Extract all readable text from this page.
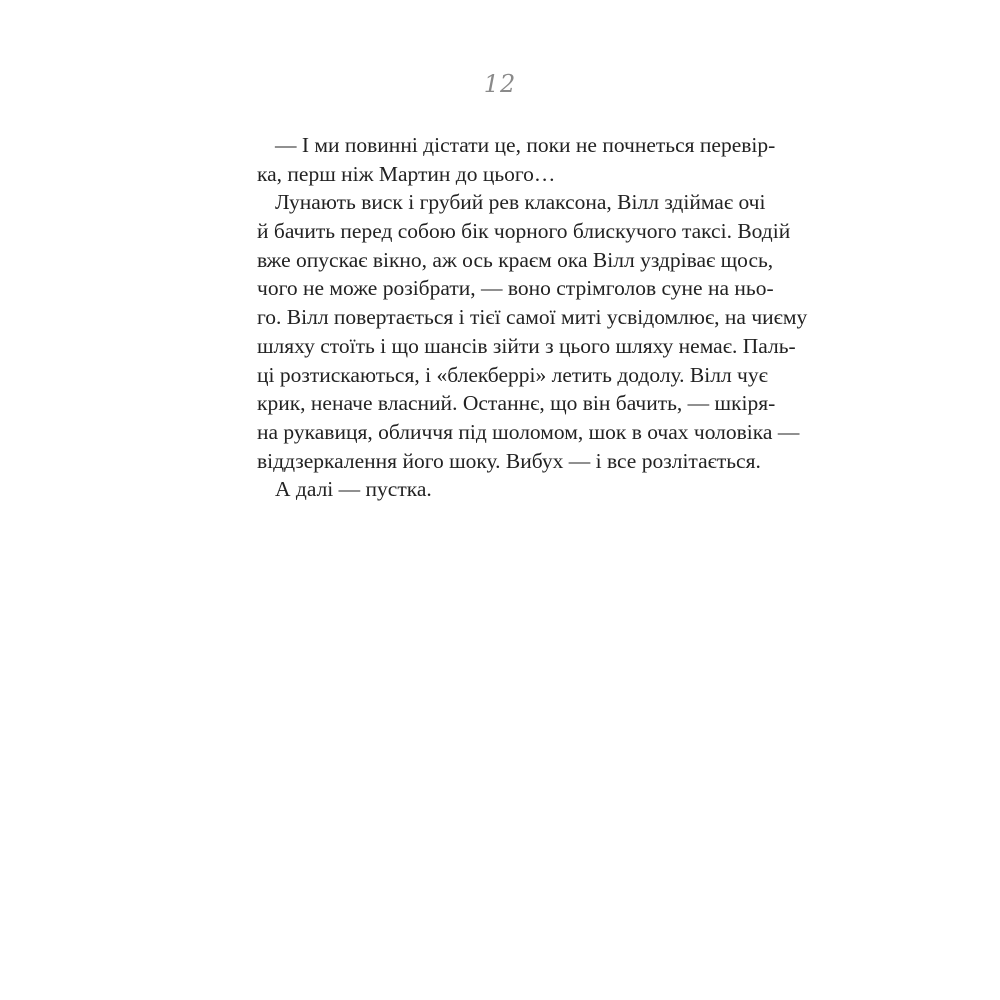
12
— І ми повинні дістати це, поки не почнеться перевір-
ка, перш ніж Мартин до цього…
Лунають виск і грубий рев клаксона, Вілл здіймає очі
й бачить перед собою бік чорного блискучого таксі. Водій
вже опускає вікно, аж ось краєм ока Вілл уздріває щось,
чого не може розібрати, — воно стрімголов суне на ньо-
го. Вілл повертається і тієї самої миті усвідомлює, на чиєму
шляху стоїть і що шансів зійти з цього шляху немає. Паль-
ці розтискаються, і «блекберрі» летить додолу. Вілл чує
крик, неначе власний. Останнє, що він бачить, — шкіря-
на рукавиця, обличчя під шоломом, шок в очах чоловіка —
віддзеркалення його шоку. Вибух — і все розлітається.
А далі — пустка.
